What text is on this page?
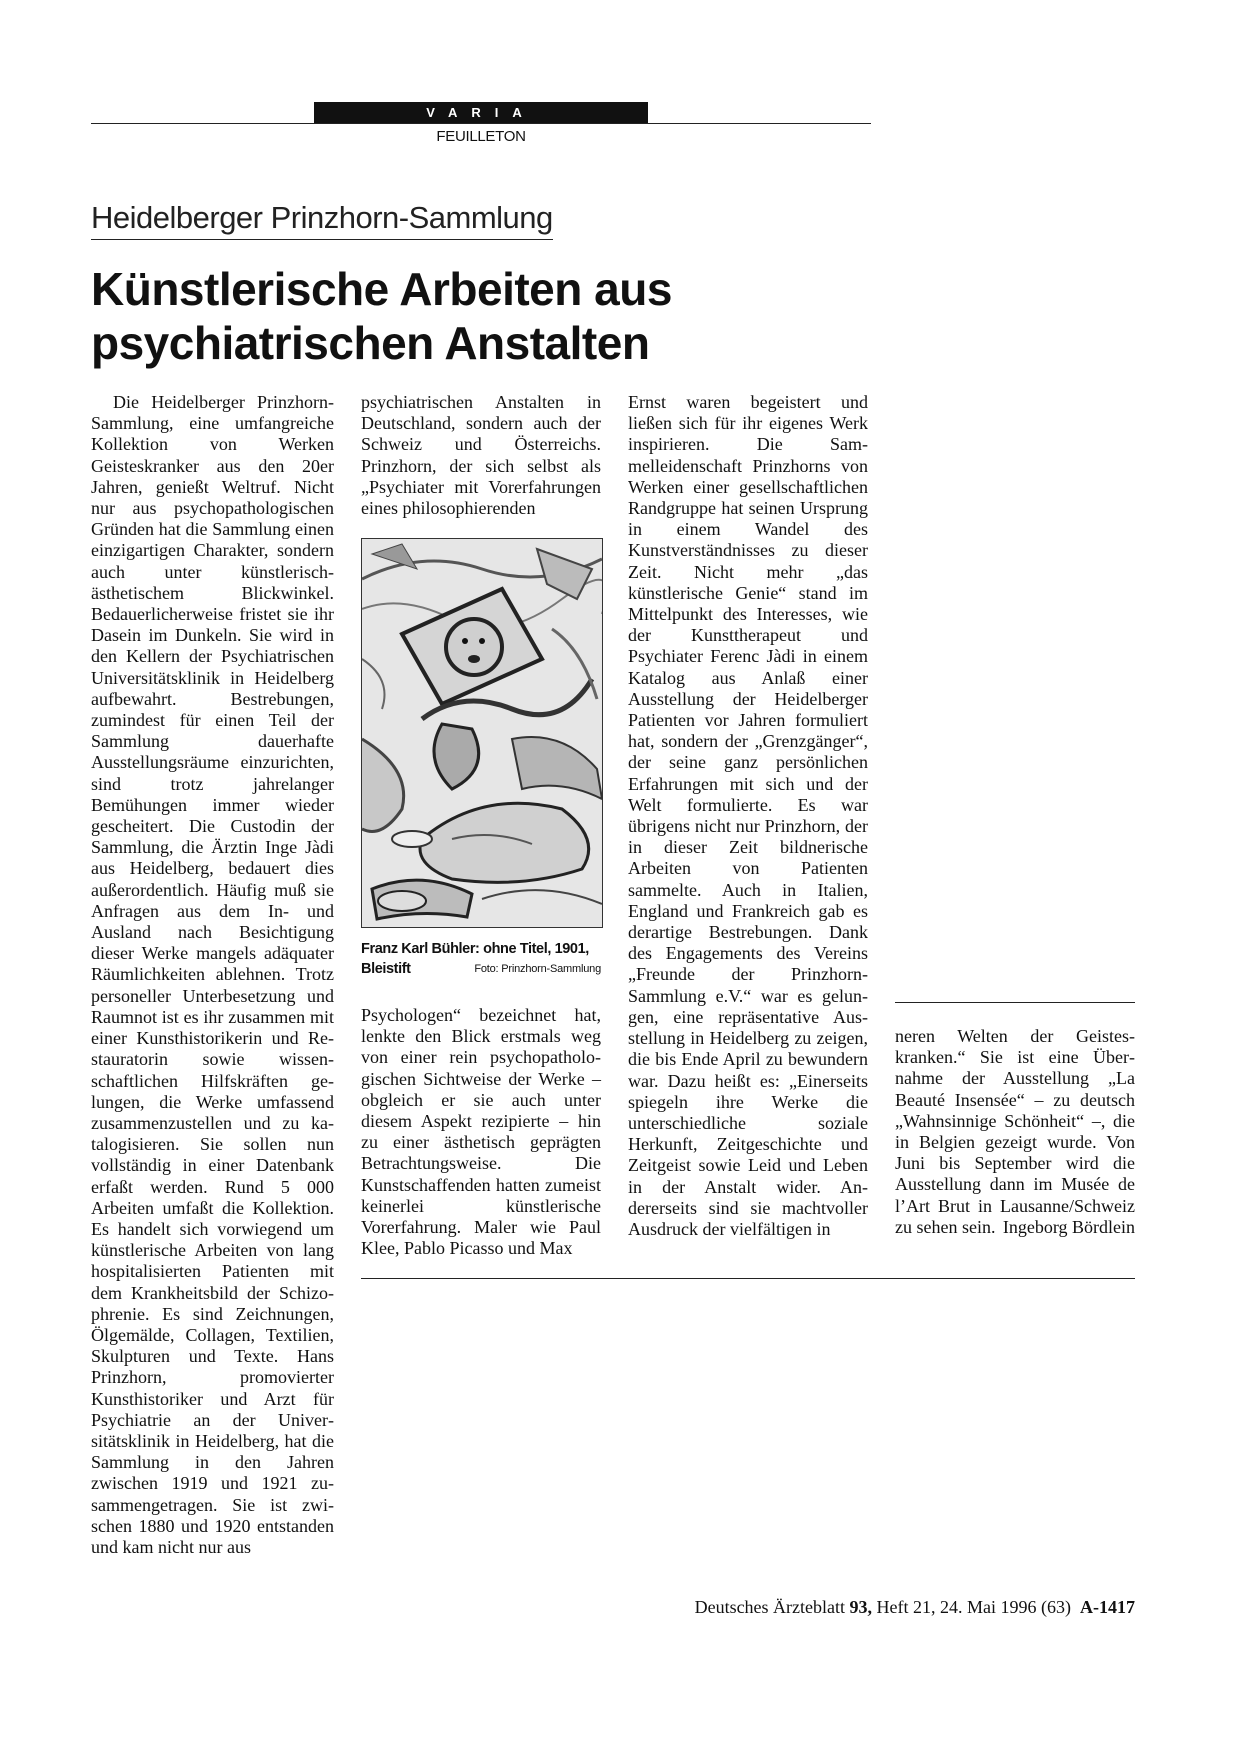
VARIA
FEUILLETON
Heidelberger Prinzhorn-Sammlung
Künstlerische Arbeiten aus
psychiatrischen Anstalten

Die Heidelberger Prinzhorn-Sammlung, eine umfangreiche Kollektion von Werken Geisteskranker aus den 20er Jahren, genießt Weltruf. Nicht nur aus psychopathologischen Gründen hat die Sammlung einen einzigartigen Charakter, sondern auch unter künstlerisch-ästhetischem Blickwinkel. Bedauerlicherweise fristet sie ihr Dasein im Dunkeln. Sie wird in den Kellern der Psychiatrischen Universitätsklinik in Heidelberg aufbewahrt. Bestrebungen, zumindest für einen Teil der Sammlung dauerhafte Ausstellungsräume einzurichten, sind trotz jahrelanger Bemühungen immer wieder gescheitert. Die Custodin der Sammlung, die Ärztin Inge Jàdi aus Heidelberg, bedauert dies außerordentlich. Häufig muß sie Anfragen aus dem In- und Ausland nach Besichtigung dieser Werke mangels adäquater Räumlichkeiten ablehnen. Trotz personeller Unterbesetzung und Raumnot ist es ihr zusammen mit einer Kunsthistorikerin und Restauratorin sowie wissenschaftlichen Hilfskräften gelungen, die Werke umfassend zusammenzustellen und zu katalogisieren. Sie sollen nun vollständig in einer Datenbank erfaßt werden. Rund 5 000 Arbeiten umfaßt die Kollektion. Es handelt sich vorwiegend um künstlerische Arbeiten von lang hospitalisierten Patienten mit dem Krankheitsbild der Schizophrenie. Es sind Zeichnungen, Ölgemälde, Collagen, Textilien, Skulpturen und Texte. Hans Prinzhorn, promovierter Kunsthistoriker und Arzt für Psychiatrie an der Universitätsklinik in Heidelberg, hat die Sammlung in den Jahren zwischen 1919 und 1921 zusammengetragen. Sie ist zwischen 1880 und 1920 entstanden und kam nicht nur aus

psychiatrischen Anstalten in Deutschland, sondern auch der Schweiz und Österreichs. Prinzhorn, der sich selbst als „Psychiater mit Vorerfahrungen eines philosophierenden

Franz Karl Bühler: ohne Titel, 1901, Bleistift	Foto: Prinzhorn-Sammlung

Psychologen“ bezeichnet hat, lenkte den Blick erstmals weg von einer rein psychopathologischen Sichtweise der Werke – obgleich er sie auch unter diesem Aspekt rezipierte – hin zu einer ästhetisch geprägten Betrachtungsweise. Die Kunstschaffenden hatten zumeist keinerlei künstlerische Vorerfahrung. Maler wie Paul Klee, Pablo Picasso und Max

Ernst waren begeistert und ließen sich für ihr eigenes Werk inspirieren. Die Sammelleidenschaft Prinzhorns von Werken einer gesellschaftlichen Randgruppe hat seinen Ursprung in einem Wandel des Kunstverständnisses zu dieser Zeit. Nicht mehr „das künstlerische Genie“ stand im Mittelpunkt des Interesses, wie der Kunsttherapeut und Psychiater Ferenc Jàdi in einem Katalog aus Anlaß einer Ausstellung der Heidelberger Patienten vor Jahren formuliert hat, sondern der „Grenzgänger“, der seine ganz persönlichen Erfahrungen mit sich und der Welt formulierte. Es war übrigens nicht nur Prinzhorn, der in dieser Zeit bildnerische Arbeiten von Patienten sammelte. Auch in Italien, England und Frankreich gab es derartige Bestrebungen. Dank des Engagements des Vereins „Freunde der Prinzhorn-Sammlung e.V.“ war es gelungen, eine repräsentative Ausstellung in Heidelberg zu zeigen, die bis Ende April zu bewundern war. Dazu heißt es: „Einerseits spiegeln ihre Werke die unterschiedliche soziale Herkunft, Zeitgeschichte und Zeitgeist sowie Leid und Leben in der Anstalt wider. Andererseits sind sie machtvoller Ausdruck der vielfältigen in

neren Welten der Geisteskranken.“ Sie ist eine Übernahme der Ausstellung „La Beauté Insensée“ – zu deutsch „Wahnsinnige Schönheit“ –, die in Belgien gezeigt wurde. Von Juni bis September wird die Ausstellung dann im Musée de l’Art Brut in Lausanne/Schweiz zu sehen sein. Ingeborg Bördlein

Deutsches Ärzteblatt 93, Heft 21, 24. Mai 1996 (63) A-1417
